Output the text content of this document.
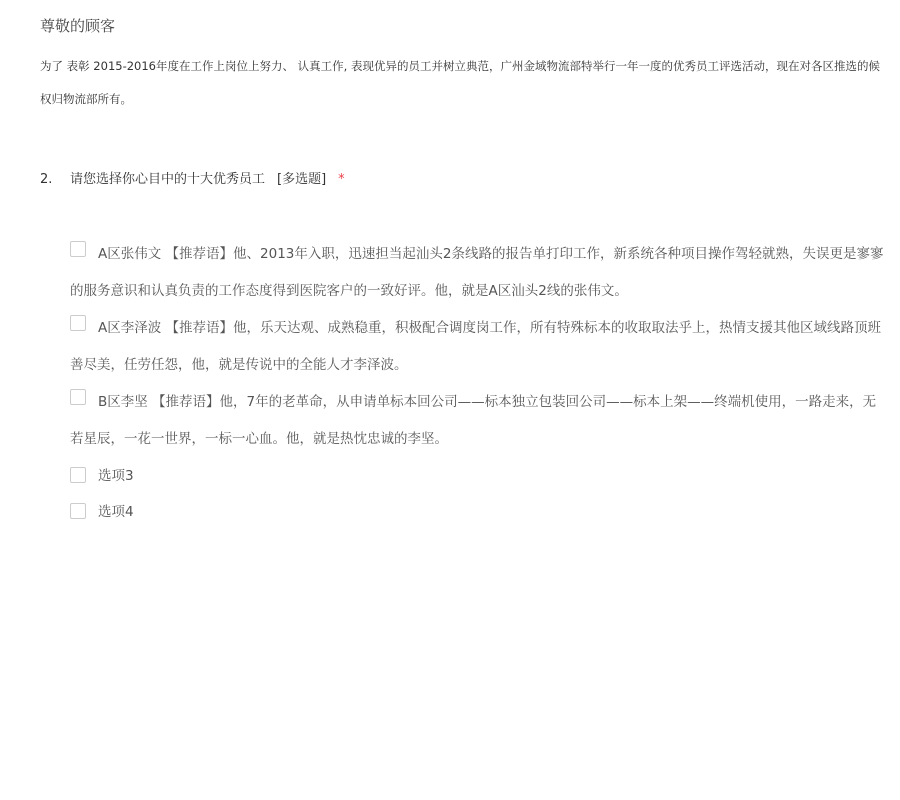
尊敬的顾客
为了 表彰 2015-2016年度在工作上岗位上努力、 认真工作, 表现优异的员工并树立典范，广州金域物流部特举行一年一度的优秀员工评选活动，现在对各区推选的候
权归物流部所有。
2. 请您选择你心目中的十大优秀员工 [多选题] *
A区张伟文 【推荐语】他、2013年入职，迅速担当起汕头2条线路的报告单打印工作，新系统各种项目操作驾轻就熟，失误更是寥寥
的服务意识和认真负责的工作态度得到医院客户的一致好评。他，就是A区汕头2线的张伟文。
A区李泽波 【推荐语】他，乐天达观、成熟稳重，积极配合调度岗工作，所有特殊标本的收取取法乎上，热情支援其他区域线路顶班
善尽美，任劳任怨，他，就是传说中的全能人才李泽波。
B区李坚 【推荐语】他，7年的老革命，从申请单标本回公司——标本独立包装回公司——标本上架——终端机使用，一路走来，无
若星辰，一花一世界，一标一心血。他，就是热忱忠诚的李坚。
选项3
选项4
